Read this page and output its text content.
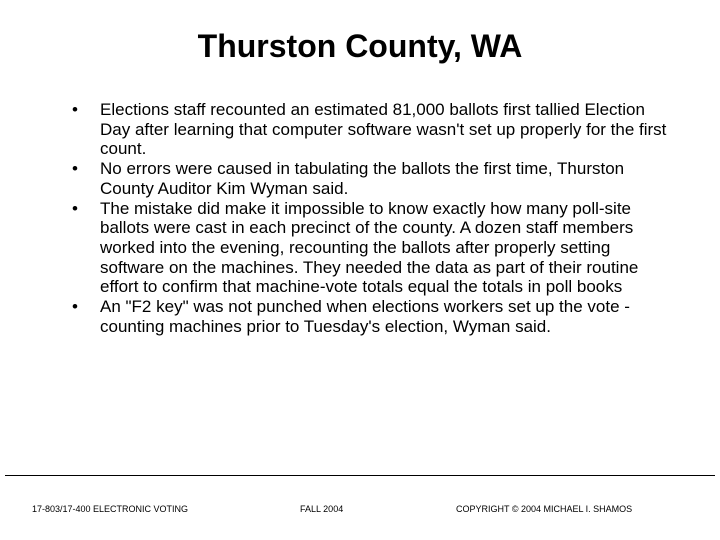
Thurston County, WA
•	Elections staff recounted an estimated 81,000 ballots first tallied Election Day after learning that computer software wasn't set up properly for the first count.
•	No errors were caused in tabulating the ballots the first time, Thurston County Auditor Kim Wyman said.
•	The mistake did make it impossible to know exactly how many poll-site ballots were cast in each precinct of the county. A dozen staff members worked into the evening, recounting the ballots after properly setting software on the machines. They needed the data as part of their routine effort to confirm that machine-vote totals equal the totals in poll books
•	An "F2 key" was not punched when elections workers set up the vote -counting machines prior to Tuesday's election, Wyman said.
17-803/17-400 ELECTRONIC VOTING	FALL 2004	COPYRIGHT © 2004 MICHAEL I. SHAMOS
